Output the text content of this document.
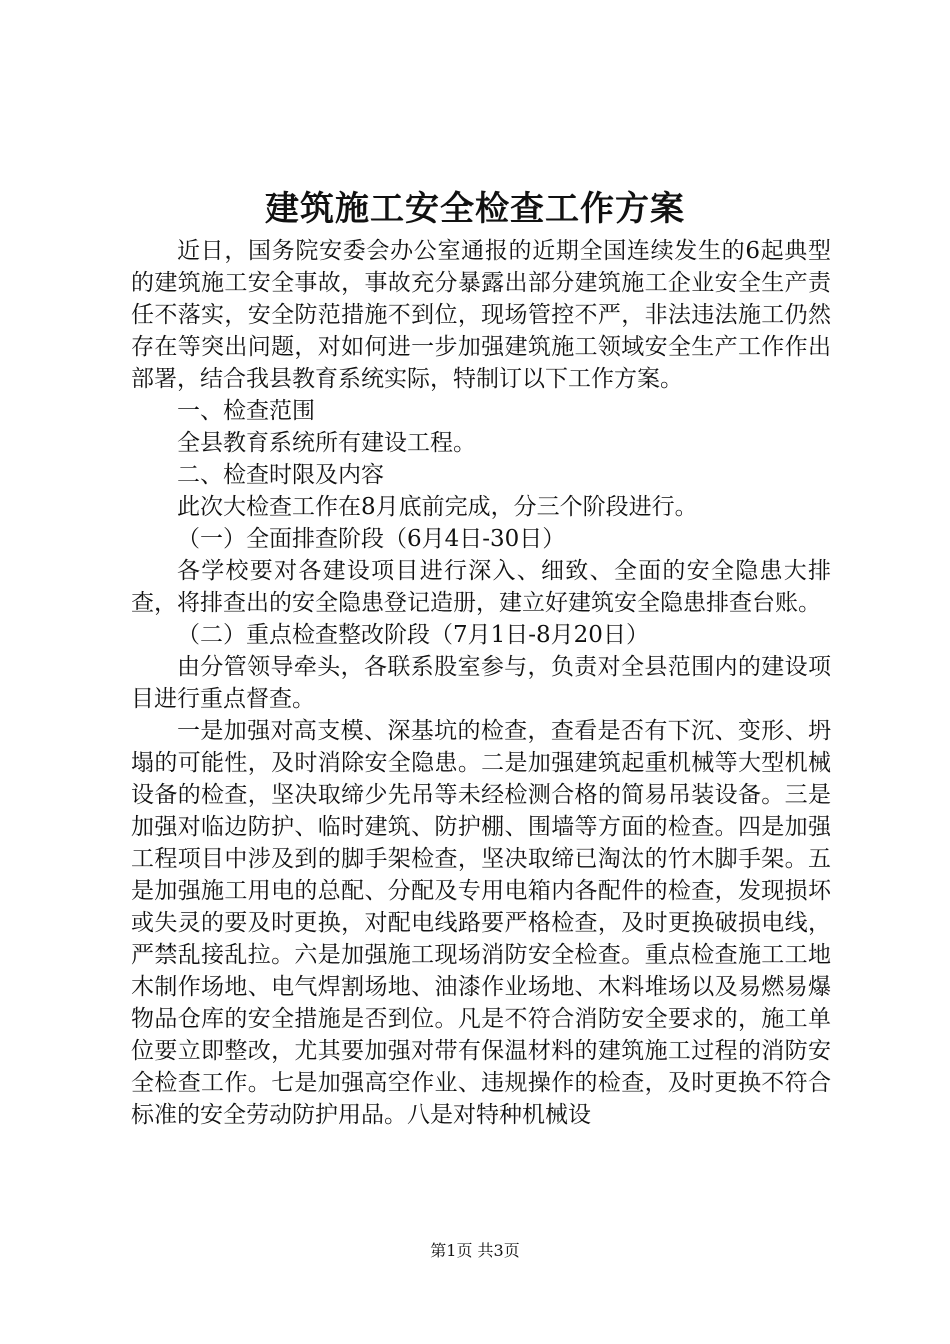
建筑施工安全检查工作方案

近日，国务院安委会办公室通报的近期全国连续发生的6起典型的建筑施工安全事故，事故充分暴露出部分建筑施工企业安全生产责任不落实，安全防范措施不到位，现场管控不严，非法违法施工仍然存在等突出问题，对如何进一步加强建筑施工领域安全生产工作作出部署，结合我县教育系统实际，特制订以下工作方案。

一、检查范围

全县教育系统所有建设工程。

二、检查时限及内容

此次大检查工作在8月底前完成，分三个阶段进行。

（一）全面排查阶段（6月4日-30日）

各学校要对各建设项目进行深入、细致、全面的安全隐患大排查，将排查出的安全隐患登记造册，建立好建筑安全隐患排查台账。

（二）重点检查整改阶段（7月1日-8月20日）

由分管领导牵头，各联系股室参与，负责对全县范围内的建设项目进行重点督查。

一是加强对高支模、深基坑的检查，查看是否有下沉、变形、坍塌的可能性，及时消除安全隐患。二是加强建筑起重机械等大型机械设备的检查，坚决取缔少先吊等未经检测合格的简易吊装设备。三是加强对临边防护、临时建筑、防护棚、围墙等方面的检查。四是加强工程项目中涉及到的脚手架检查，坚决取缔已淘汰的竹木脚手架。五是加强施工用电的总配、分配及专用电箱内各配件的检查，发现损坏或失灵的要及时更换，对配电线路要严格检查，及时更换破损电线，严禁乱接乱拉。六是加强施工现场消防安全检查。重点检查施工工地木制作场地、电气焊割场地、油漆作业场地、木料堆场以及易燃易爆物品仓库的安全措施是否到位。凡是不符合消防安全要求的，施工单位要立即整改，尤其要加强对带有保温材料的建筑施工过程的消防安全检查工作。七是加强高空作业、违规操作的检查，及时更换不符合标准的安全劳动防护用品。八是对特种机械设

第1页 共3页
